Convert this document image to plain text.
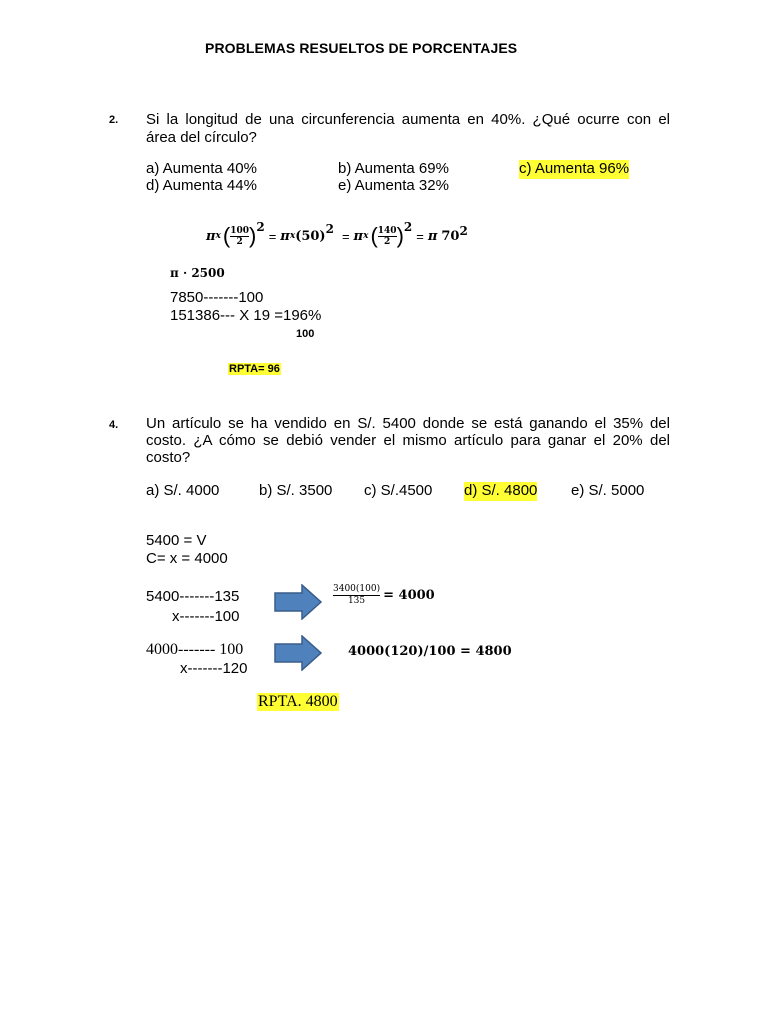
PROBLEMAS RESUELTOS DE PORCENTAJES
2. Si la longitud de una circunferencia aumenta en 40%. ¿Qué ocurre con el
área del círculo?
a) Aumenta 40%	b) Aumenta 69%	c) Aumenta 96%
d) Aumenta 44%	e) Aumenta 32%
π x ( $\frac{100}{2}$ ) 2
= π x (50) 2 = π x ( $\frac{140}{2}$ ) 2
= π 70 2
π · 2500
7850-------100
151386--- X 19 =196%
100
RPTA= 96
4. Un artículo se ha vendido en S/. 5400 donde se está ganando el 35% del
costo. ¿A cómo se debió vender el mismo artículo para ganar el 20% del
costo?
a) S/. 4000	b) S/. 3500 c) S/.4500 d) S/. 4800 e) S/. 5000
5400 = V
C= x = 4000
5400-------135
x-------100
$\frac{3400(100)}{135} = 4000$
4000------- 100
x-------120
4000(120)/100 = 4800
RPTA. 4800
